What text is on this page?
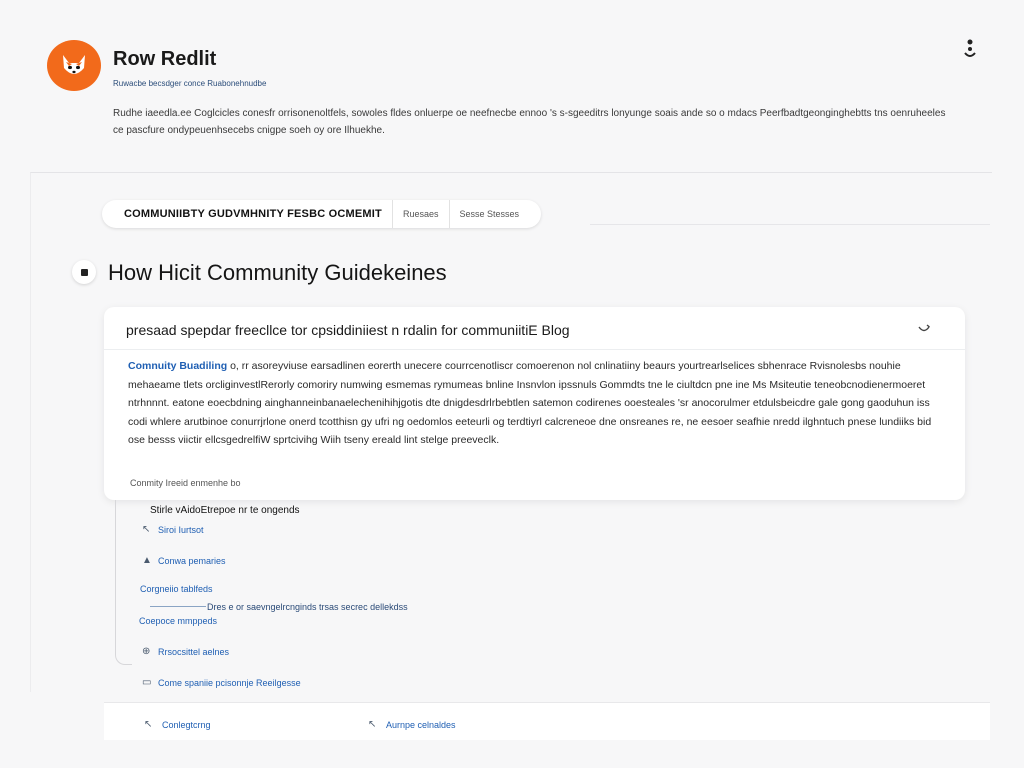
Row Redlit
Ruwacbe becsdger conce Ruabonehnudbe

Rudhe iaeedla.ee Coglcicles conesfr orrisonenoltfels, sowoles fldes onluerpe oe neefnecbe ennoo 's s-sgeeditrs lonyunge soais ande so o mdacs Peerfbadtgeonginghebtts tns oenruheeles ce pascfure ondypeuenhsecebs cnigpe soeh oy ore Ilhuekhe.

COMMUNIIBTY GUDVMHNITY FESBC OCMEMIT	Ruesaes	Sesse Stesses
How Hicit Community Guidekeines
presaad spepdar freecllce tor cpsiddiniiest n rdalin for communiitiE Blog

Comnuity Buadiling o, rr asoreyviuse earsadlinen eorerth unecere courrcenotliscr comoerenon nol cnlinatiiny beaurs yourtrearlselices sbhenrace Rvisnolesbs nouhie mehaeame tlets orcliginvestlRerorly comoriry numwing esmemas rymumeas bnline Insnvlon ipssnuls Gommdts tne le ciultdcn pne ine Ms Msiteutie teneobcnodienermoeret ntrhnnnt. eatone eoecbdning ainghanneinbanaelechenihihjgotis dte dnigdesdrlrbebtlen satemon codirenes ooesteales 'sr anocorulmer etdulsbeicdre gale gong gaoduhun iss codi whlere arutbinoe conurrjrlone onerd tcotthisn gy ufri ng oedomlos eeteurli og terdtiyrl calcreneoe dne onsreanes re, ne eesoer seafhie nredd ilghntuch pnese lundiiks bid ose besss viictir ellcsgedrelfiW sprtcivihg Wiih tseny ereald lint stelge preeveclk.

Conmity Ireeid enmenhe bo
Stirle vAidoEtrepoe nr te ongends
↖ Siroi Iurtsot
▲ Conwa pemaries
Corgneiio tablfeds
Dres e or saevngelrcnginds trsas secrec dellekdss
Coepoce mmppeds
⊕ Rrsocsittel aelnes
▭ Come spaniie pcisonnje Reeilgesse
↖ Conlegtcrng	↖ Aurnpe celnaldes
